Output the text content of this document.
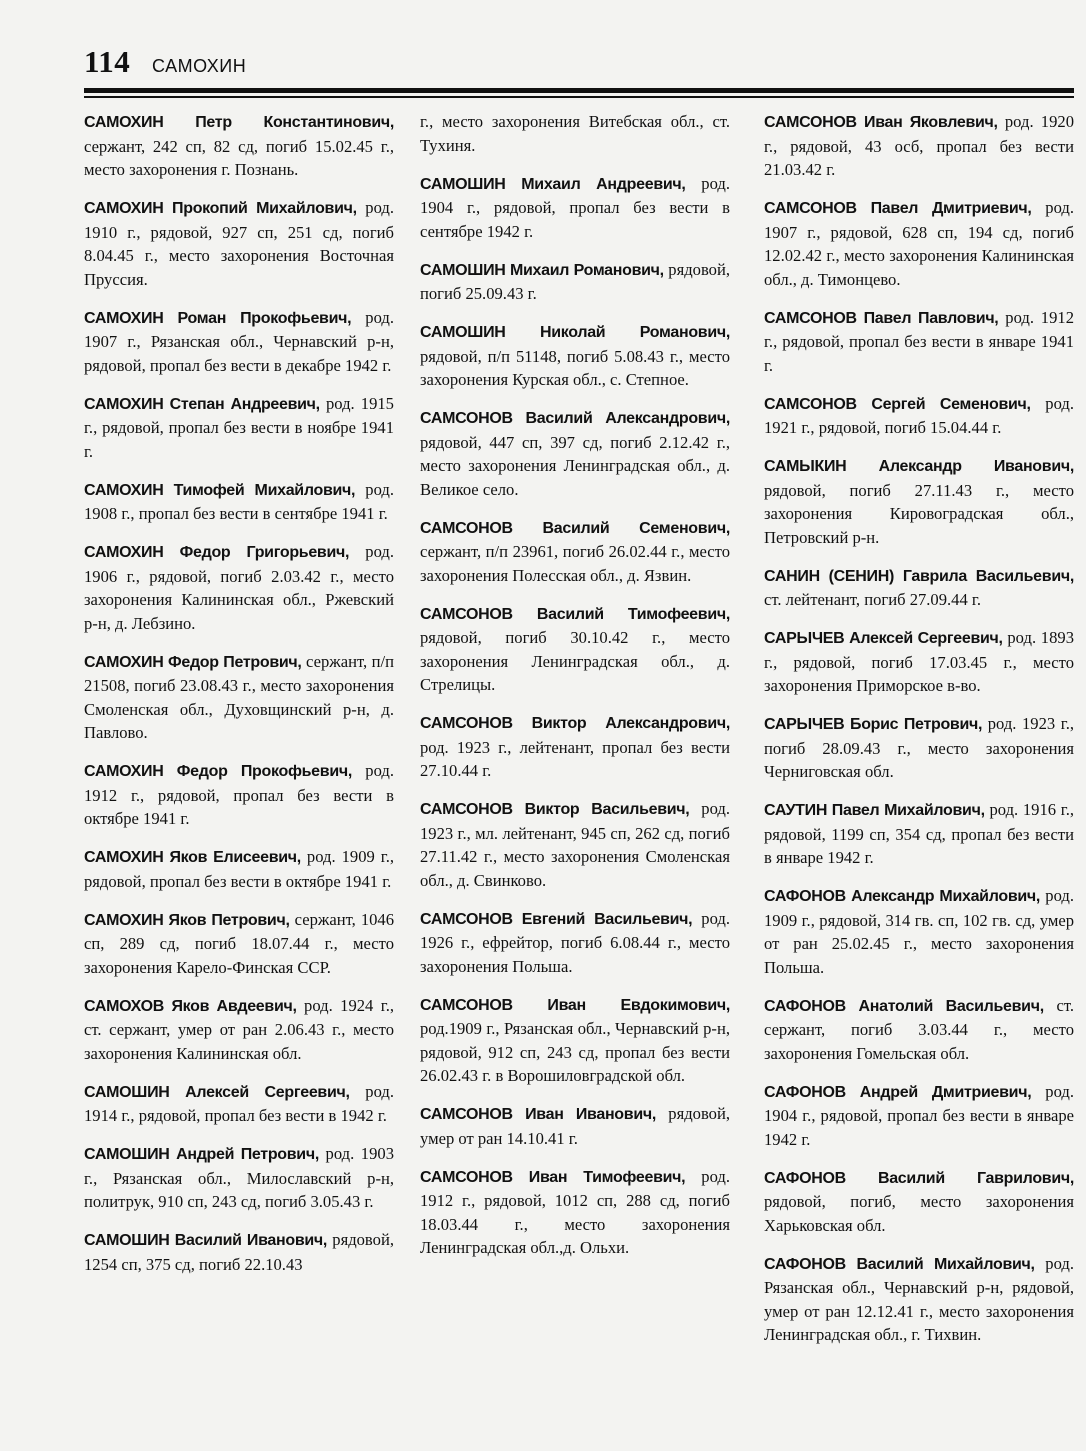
114 САМОХИН

САМОХИН Петр Константинович, сержант, 242 сп, 82 сд, погиб 15.02.45 г., место захоронения г. Познань.

САМОХИН Прокопий Михайлович, род. 1910 г., рядовой, 927 сп, 251 сд, погиб 8.04.45 г., место захоронения Восточная Пруссия.

САМОХИН Роман Прокофьевич, род. 1907 г., Рязанская обл., Чернавский р-н, рядовой, пропал без вести в декабре 1942 г.

САМОХИН Степан Андреевич, род. 1915 г., рядовой, пропал без вести в ноябре 1941 г.

САМОХИН Тимофей Михайлович, род. 1908 г., пропал без вести в сентябре 1941 г.

САМОХИН Федор Григорьевич, род. 1906 г., рядовой, погиб 2.03.42 г., место захоронения Калининская обл., Ржевский р-н, д. Лебзино.

САМОХИН Федор Петрович, сержант, п/п 21508, погиб 23.08.43 г., место захоронения Смоленская обл., Духовщинский р-н, д. Павлово.

САМОХИН Федор Прокофьевич, род. 1912 г., рядовой, пропал без вести в октябре 1941 г.

САМОХИН Яков Елисеевич, род. 1909 г., рядовой, пропал без вести в октябре 1941 г.

САМОХИН Яков Петрович, сержант, 1046 сп, 289 сд, погиб 18.07.44 г., место захоронения Карело-Финская ССР.

САМОХОВ Яков Авдеевич, род. 1924 г., ст. сержант, умер от ран 2.06.43 г., место захоронения Калининская обл.

САМОШИН Алексей Сергеевич, род. 1914 г., рядовой, пропал без вести в 1942 г.

САМОШИН Андрей Петрович, род. 1903 г., Рязанская обл., Милославский р-н, политрук, 910 сп, 243 сд, погиб 3.05.43 г.

САМОШИН Василий Иванович, рядовой, 1254 сп, 375 сд, погиб 22.10.43

г., место захоронения Витебская обл., ст. Тухиня.

САМОШИН Михаил Андреевич, род. 1904 г., рядовой, пропал без вести в сентябре 1942 г.

САМОШИН Михаил Романович, рядовой, погиб 25.09.43 г.

САМОШИН Николай Романович, рядовой, п/п 51148, погиб 5.08.43 г., место захоронения Курская обл., с. Степное.

САМСОНОВ Василий Александрович, рядовой, 447 сп, 397 сд, погиб 2.12.42 г., место захоронения Ленинградская обл., д. Великое село.

САМСОНОВ Василий Семенович, сержант, п/п 23961, погиб 26.02.44 г., место захоронения Полесская обл., д. Язвин.

САМСОНОВ Василий Тимофеевич, рядовой, погиб 30.10.42 г., место захоронения Ленинградская обл., д. Стрелицы.

САМСОНОВ Виктор Александрович, род. 1923 г., лейтенант, пропал без вести 27.10.44 г.

САМСОНОВ Виктор Васильевич, род. 1923 г., мл. лейтенант, 945 сп, 262 сд, погиб 27.11.42 г., место захоронения Смоленская обл., д. Свинково.

САМСОНОВ Евгений Васильевич, род. 1926 г., ефрейтор, погиб 6.08.44 г., место захоронения Польша.

САМСОНОВ Иван Евдокимович, род.1909 г., Рязанская обл., Чернавский р-н, рядовой, 912 сп, 243 сд, пропал без вести 26.02.43 г. в Ворошиловградской обл.

САМСОНОВ Иван Иванович, рядовой, умер от ран 14.10.41 г.

САМСОНОВ Иван Тимофеевич, род. 1912 г., рядовой, 1012 сп, 288 сд, погиб 18.03.44 г., место захоронения Ленинградская обл.,д. Ольхи.

САМСОНОВ Иван Яковлевич, род. 1920 г., рядовой, 43 осб, пропал без вести 21.03.42 г.

САМСОНОВ Павел Дмитриевич, род. 1907 г., рядовой, 628 сп, 194 сд, погиб 12.02.42 г., место захоронения Калининская обл., д. Тимонцево.

САМСОНОВ Павел Павлович, род. 1912 г., рядовой, пропал без вести в январе 1941 г.

САМСОНОВ Сергей Семенович, род. 1921 г., рядовой, погиб 15.04.44 г.

САМЫКИН Александр Иванович, рядовой, погиб 27.11.43 г., место захоронения Кировоградская обл., Петровский р-н.

САНИН (СЕНИН) Гаврила Васильевич, ст. лейтенант, погиб 27.09.44 г.

САРЫЧЕВ Алексей Сергеевич, род. 1893 г., рядовой, погиб 17.03.45 г., место захоронения Приморское в-во.

САРЫЧЕВ Борис Петрович, род. 1923 г., погиб 28.09.43 г., место захоронения Черниговская обл.

САУТИН Павел Михайлович, род. 1916 г., рядовой, 1199 сп, 354 сд, пропал без вести в январе 1942 г.

САФОНОВ Александр Михайлович, род. 1909 г., рядовой, 314 гв. сп, 102 гв. сд, умер от ран 25.02.45 г., место захоронения Польша.

САФОНОВ Анатолий Васильевич, ст. сержант, погиб 3.03.44 г., место захоронения Гомельская обл.

САФОНОВ Андрей Дмитриевич, род. 1904 г., рядовой, пропал без вести в январе 1942 г.

САФОНОВ Василий Гаврилович, рядовой, погиб, место захоронения Харьковская обл.

САФОНОВ Василий Михайлович, род. Рязанская обл., Чернавский р-н, рядовой, умер от ран 12.12.41 г., место захоронения Ленинградская обл., г. Тихвин.
